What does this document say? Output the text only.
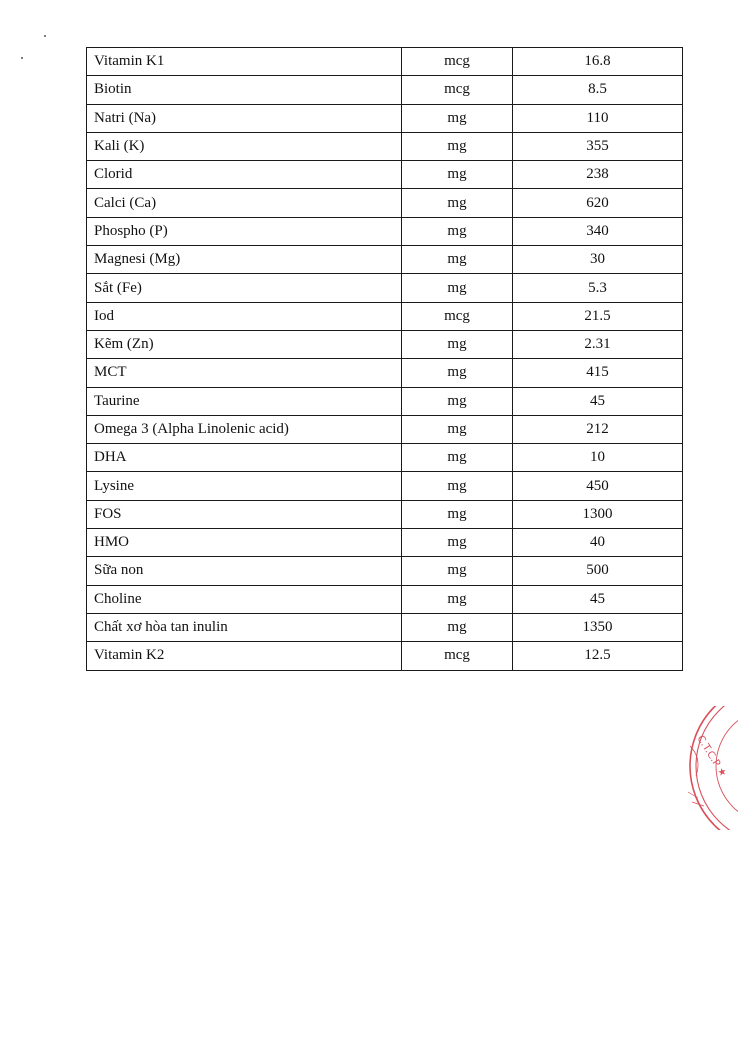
Vitamin K1	mcg	16.8
Biotin	mcg	8.5
Natri (Na)	mg	110
Kali (K)	mg	355
Clorid	mg	238
Calci (Ca)	mg	620
Phospho (P)	mg	340
Magnesi (Mg)	mg	30
Sắt (Fe)	mg	5.3
Iod	mcg	21.5
Kẽm (Zn)	mg	2.31
MCT	mg	415
Taurine	mg	45
Omega 3 (Alpha Linolenic acid)	mg	212
DHA	mg	10
Lysine	mg	450
FOS	mg	1300
HMO	mg	40
Sữa non	mg	500
Choline	mg	45
Chất xơ hòa tan inulin	mg	1350
Vitamin K2	mcg	12.5
C.T.C.P ★
